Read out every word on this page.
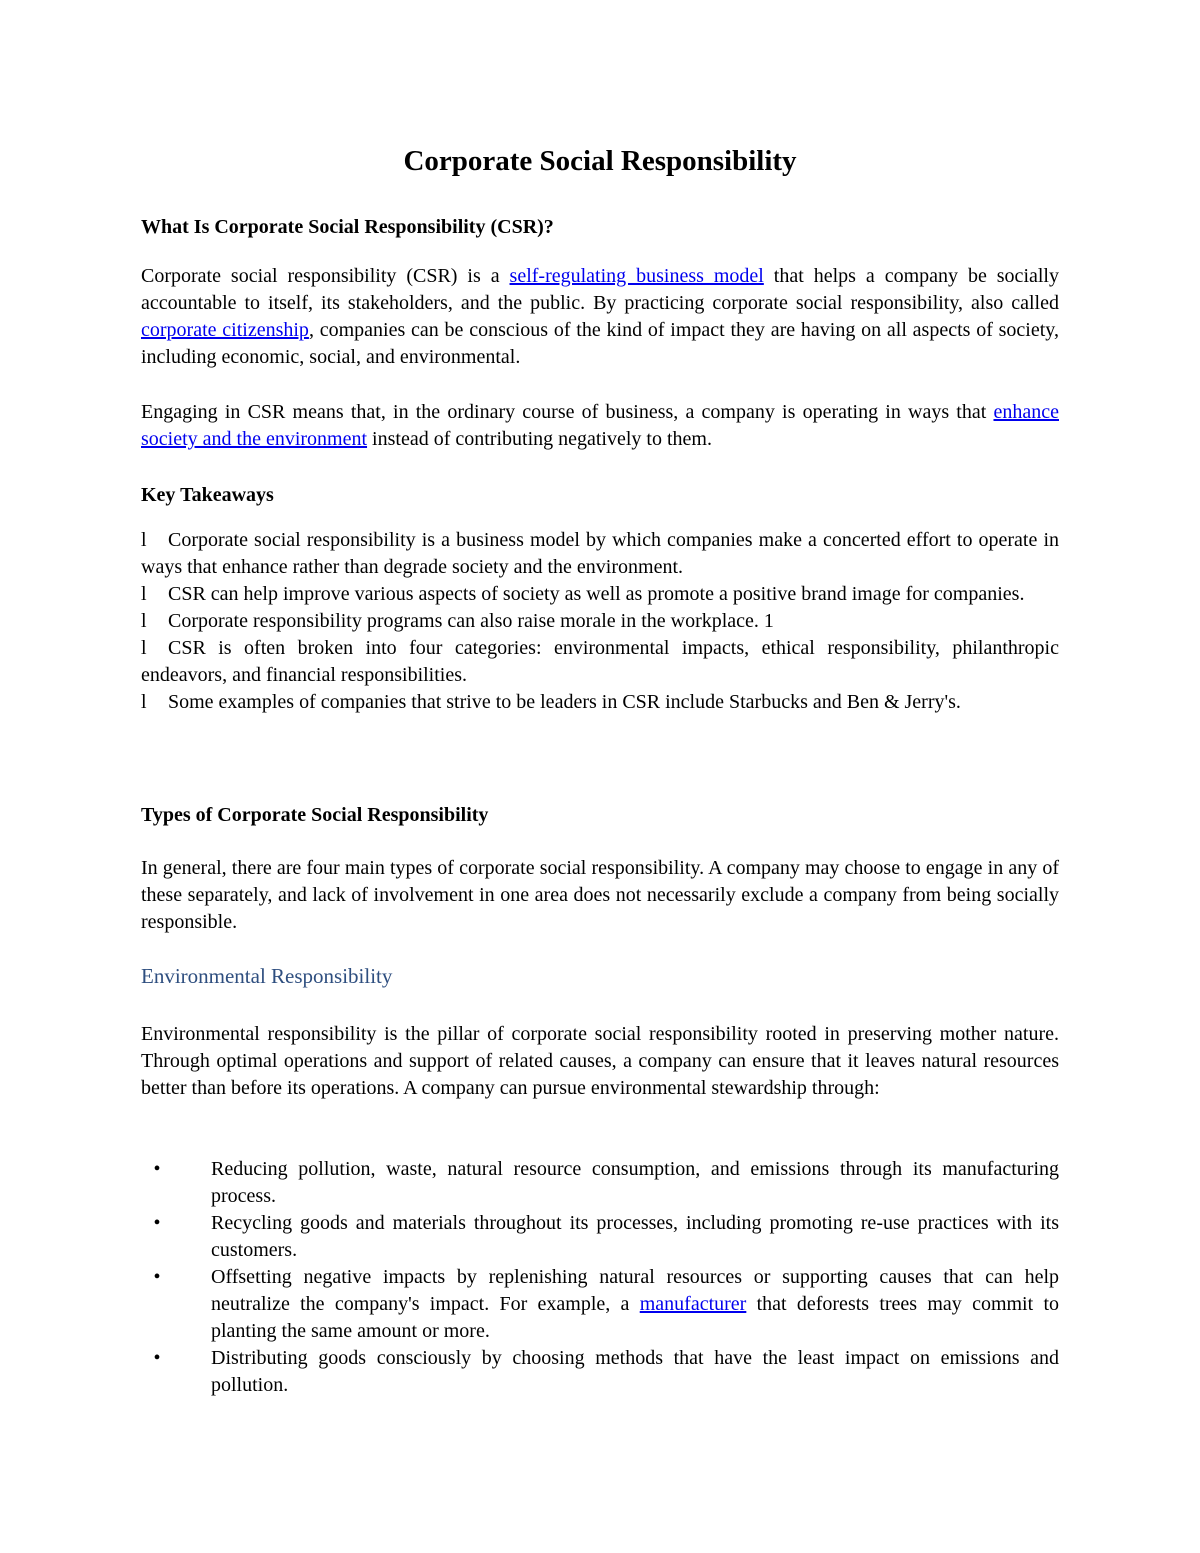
Corporate Social Responsibility
What Is Corporate Social Responsibility (CSR)?

Corporate social responsibility (CSR) is a self-regulating business model that helps a company be socially accountable to itself, its stakeholders, and the public. By practicing corporate social responsibility, also called corporate citizenship, companies can be conscious of the kind of impact they are having on all aspects of society, including economic, social, and environmental.

Engaging in CSR means that, in the ordinary course of business, a company is operating in ways that enhance society and the environment instead of contributing negatively to them.

Key Takeaways
l Corporate social responsibility is a business model by which companies make a concerted effort to operate in ways that enhance rather than degrade society and the environment.
l CSR can help improve various aspects of society as well as promote a positive brand image for companies.
l Corporate responsibility programs can also raise morale in the workplace. 1
l CSR is often broken into four categories: environmental impacts, ethical responsibility, philanthropic endeavors, and financial responsibilities.
l Some examples of companies that strive to be leaders in CSR include Starbucks and Ben & Jerry's.
Types of Corporate Social Responsibility

In general, there are four main types of corporate social responsibility. A company may choose to engage in any of these separately, and lack of involvement in one area does not necessarily exclude a company from being socially responsible.

Environmental Responsibility

Environmental responsibility is the pillar of corporate social responsibility rooted in preserving mother nature. Through optimal operations and support of related causes, a company can ensure that it leaves natural resources better than before its operations. A company can pursue environmental stewardship through:

•	Reducing pollution, waste, natural resource consumption, and emissions through its manufacturing process.
•	Recycling goods and materials throughout its processes, including promoting re-use practices with its customers.
•	Offsetting negative impacts by replenishing natural resources or supporting causes that can help neutralize the company's impact. For example, a manufacturer that deforests trees may commit to planting the same amount or more.
•	Distributing goods consciously by choosing methods that have the least impact on emissions and pollution.
